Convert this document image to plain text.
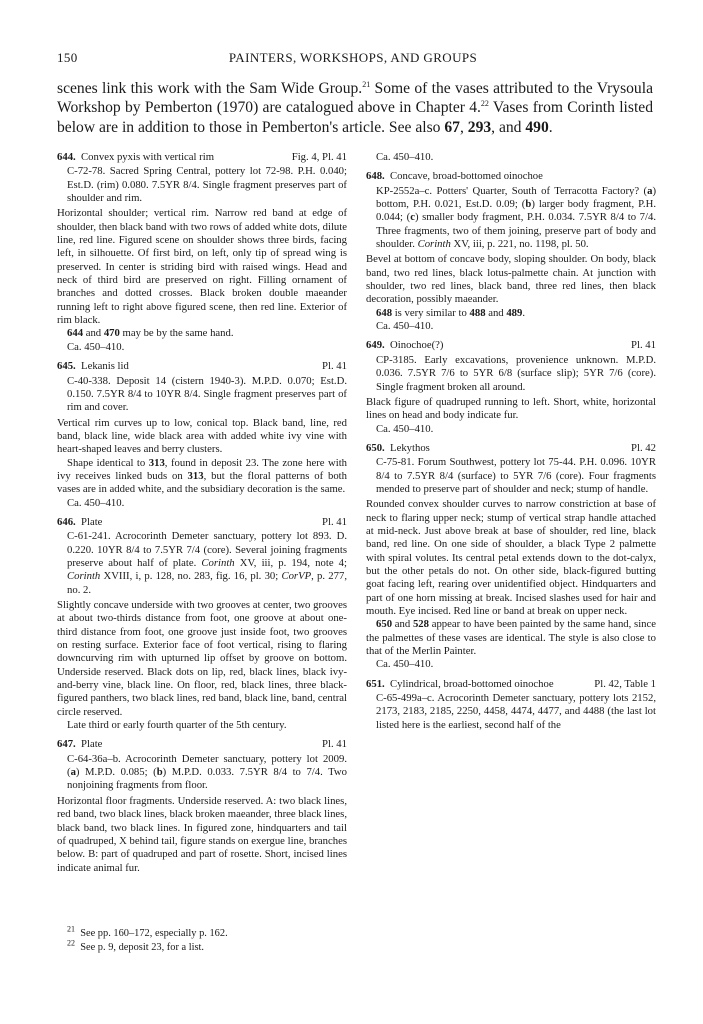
150	PAINTERS, WORKSHOPS, AND GROUPS

scenes link this work with the Sam Wide Group.$^{21}$ Some of the vases attributed to the Vrysoula Workshop by Pemberton (1970) are catalogued above in Chapter 4.22 Vases from Corinth listed below are in addition to those in Pemberton's article. See also 67, 293, and 490.

644. Convex pyxis with vertical rim	Fig. 4, Pl. 41

C-72-78. Sacred Spring Central, pottery lot 72-98. P.H. 0.040; Est.D. (rim) 0.080. 7.5YR 8/4. Single fragment preserves part of shoulder and rim.

Horizontal shoulder; vertical rim. Narrow red band at edge of shoulder, then black band with two rows of added white dots, dilute line, red line. Figured scene on shoulder shows three birds, facing left, in silhouette. Of first bird, on left, only tip of spread wing is preserved. In center is striding bird with raised wings. Head and neck of third bird are preserved on right. Filling ornament of branches and dotted crosses. Black broken double maeander running left to right above figured scene, then red line. Exterior of rim black.

644 and 470 may be by the same hand.

Ca. 450–410.

645. Lekanis lid	Pl. 41

C-40-338. Deposit 14 (cistern 1940-3). M.P.D. 0.070; Est.D. 0.150. 7.5YR 8/4 to 10YR 8/4. Single fragment preserves part of rim and cover.

Vertical rim curves up to low, conical top. Black band, line, red band, black line, wide black area with added white ivy vine with heart-shaped leaves and berry clusters.

Shape identical to 313, found in deposit 23. The zone here with ivy receives linked buds on 313, but the floral patterns of both vases are in added white, and the subsidiary decoration is the same.

Ca. 450–410.

646. Plate	Pl. 41

C-61-241. Acrocorinth Demeter sanctuary, pottery lot 893. D. 0.220. 10YR 8/4 to 7.5YR 7/4 (core). Several joining fragments preserve about half of plate. Corinth XV, iii, p. 194, note 4; Corinth XVIII, i, p. 128, no. 283, fig. 16, pl. 30; CorVP, p. 277, no. 2.

Slightly concave underside with two grooves at center, two grooves at about two-thirds distance from foot, one groove at about one-third distance from foot, one groove just inside foot, two grooves on resting surface. Exterior face of foot vertical, rising to flaring downcurving rim with upturned lip offset by groove on bottom. Underside reserved. Black dots on lip, red, black lines, black ivy-and-berry vine, black line. On floor, red, black lines, three black-figured panthers, two black lines, red band, black line, band, central circle reserved.

Late third or early fourth quarter of the 5th century.

647. Plate	Pl. 41

C-64-36a–b. Acrocorinth Demeter sanctuary, pottery lot 2009. (a) M.P.D. 0.085; (b) M.P.D. 0.033. 7.5YR 8/4 to 7/4. Two nonjoining fragments from floor.

Horizontal floor fragments. Underside reserved. A: two black lines, red band, two black lines, black broken maeander, three black lines, black band, two black lines. In figured zone, hindquarters and tail of quadruped, X behind tail, figure stands on exergue line, branches below. B: part of quadruped and part of rosette. Short, incised lines indicate animal fur.

Ca. 450–410.

648. Concave, broad-bottomed oinochoe

KP-2552a–c. Potters' Quarter, South of Terracotta Factory? (a) bottom, P.H. 0.021, Est.D. 0.09; (b) larger body fragment, P.H. 0.044; (c) smaller body fragment, P.H. 0.034. 7.5YR 8/4 to 7/4. Three fragments, two of them joining, preserve part of body and shoulder. Corinth XV, iii, p. 221, no. 1198, pl. 50.

Bevel at bottom of concave body, sloping shoulder. On body, black band, two red lines, black lotus-palmette chain. At junction with shoulder, two red lines, black band, three red lines, then black decoration, possibly maeander.

648 is very similar to 488 and 489.

Ca. 450–410.

649. Oinochoe(?)	Pl. 41

CP-3185. Early excavations, provenience unknown. M.P.D. 0.036. 7.5YR 7/6 to 5YR 6/8 (surface slip); 5YR 7/6 (core). Single fragment broken all around.

Black figure of quadruped running to left. Short, white, horizontal lines on head and body indicate fur.

Ca. 450–410.

650. Lekythos	Pl. 42

C-75-81. Forum Southwest, pottery lot 75-44. P.H. 0.096. 10YR 8/4 to 7.5YR 8/4 (surface) to 5YR 7/6 (core). Four fragments mended to preserve part of shoulder and neck; stump of handle.

Rounded convex shoulder curves to narrow constriction at base of neck to flaring upper neck; stump of vertical strap handle attached at mid-neck. Just above break at base of shoulder, red line, black band, red line. On one side of shoulder, a black Type 2 palmette with spiral volutes. Its central petal extends down to the dot-calyx, but the other petals do not. On other side, black-figured butting goat facing left, rearing over unidentified object. Hindquarters and part of one horn missing at break. Incised slashes used for hair and mouth. Eye incised. Red line or band at break on upper neck.

650 and 528 appear to have been painted by the same hand, since the palmettes of these vases are identical. The style is also close to that of the Merlin Painter.

Ca. 450–410.

651. Cylindrical, broad-bottomed oinochoe	Pl. 42, Table 1

C-65-499a–c. Acrocorinth Demeter sanctuary, pottery lots 2152, 2173, 2183, 2185, 2250, 4458, 4474, 4477, and 4488 (the last lot listed here is the earliest, second half of the

$^{21}$ See pp. 160–172, especially p. 162.

$^{22}$ See p. 9, deposit 23, for a list.
